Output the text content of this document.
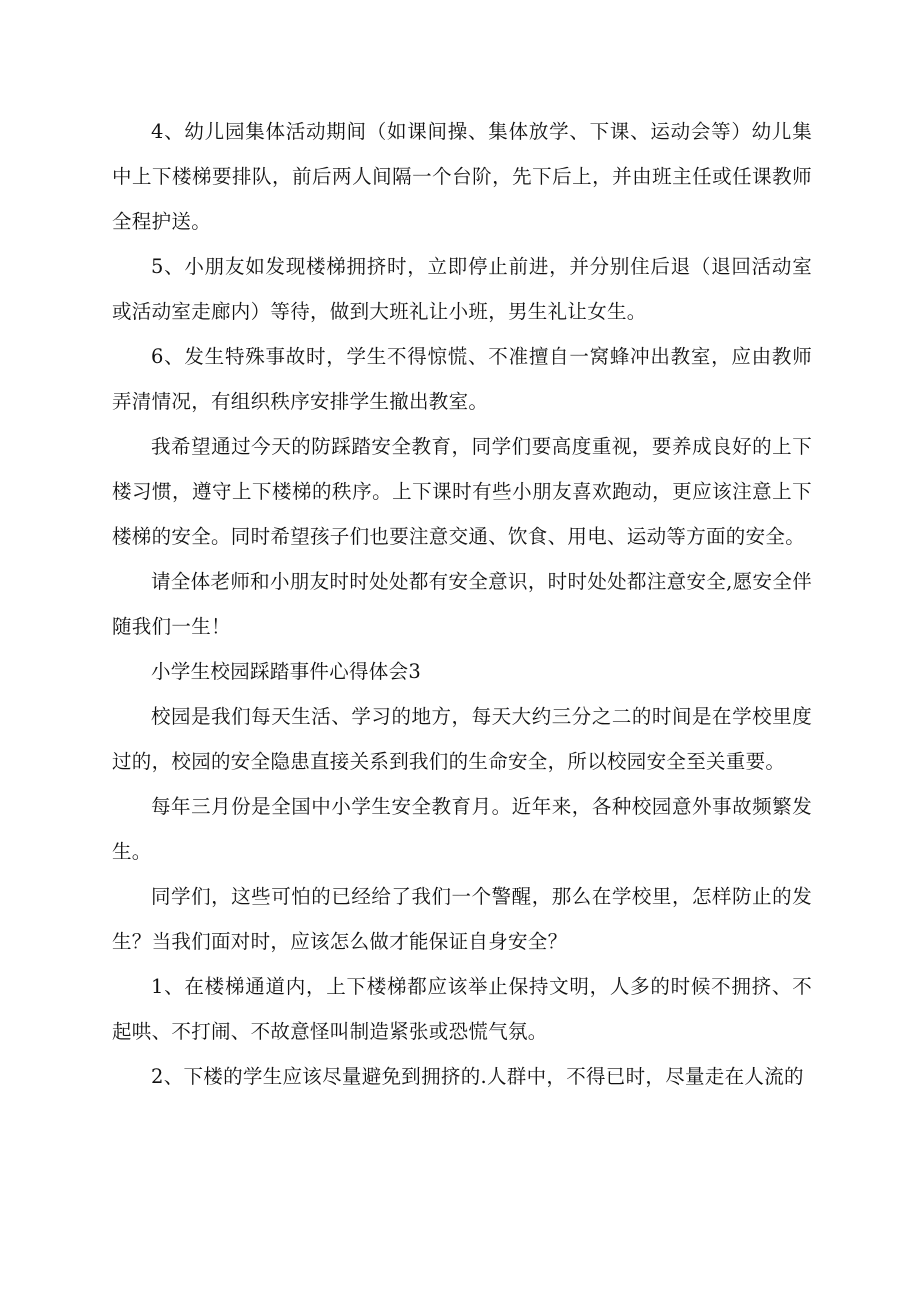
4、幼儿园集体活动期间（如课间操、集体放学、下课、运动会等）幼儿集中上下楼梯要排队，前后两人间隔一个台阶，先下后上，并由班主任或任课教师全程护送。

5、小朋友如发现楼梯拥挤时，立即停止前进，并分别住后退（退回活动室或活动室走廊内）等待，做到大班礼让小班，男生礼让女生。

6、发生特殊事故时，学生不得惊慌、不准擅自一窝蜂冲出教室，应由教师弄清情况，有组织秩序安排学生撤出教室。

我希望通过今天的防踩踏安全教育，同学们要高度重视，要养成良好的上下楼习惯，遵守上下楼梯的秩序。上下课时有些小朋友喜欢跑动，更应该注意上下楼梯的安全。同时希望孩子们也要注意交通、饮食、用电、运动等方面的安全。

请全体老师和小朋友时时处处都有安全意识，时时处处都注意安全,愿安全伴随我们一生！

小学生校园踩踏事件心得体会3

校园是我们每天生活、学习的地方，每天大约三分之二的时间是在学校里度过的，校园的安全隐患直接关系到我们的生命安全，所以校园安全至关重要。

每年三月份是全国中小学生安全教育月。近年来，各种校园意外事故频繁发生。

同学们，这些可怕的已经给了我们一个警醒，那么在学校里，怎样防止的发生？当我们面对时，应该怎么做才能保证自身安全？

1、在楼梯通道内，上下楼梯都应该举止保持文明，人多的时候不拥挤、不起哄、不打闹、不故意怪叫制造紧张或恐慌气氛。

2、下楼的学生应该尽量避免到拥挤的.人群中，不得已时，尽量走在人流的
